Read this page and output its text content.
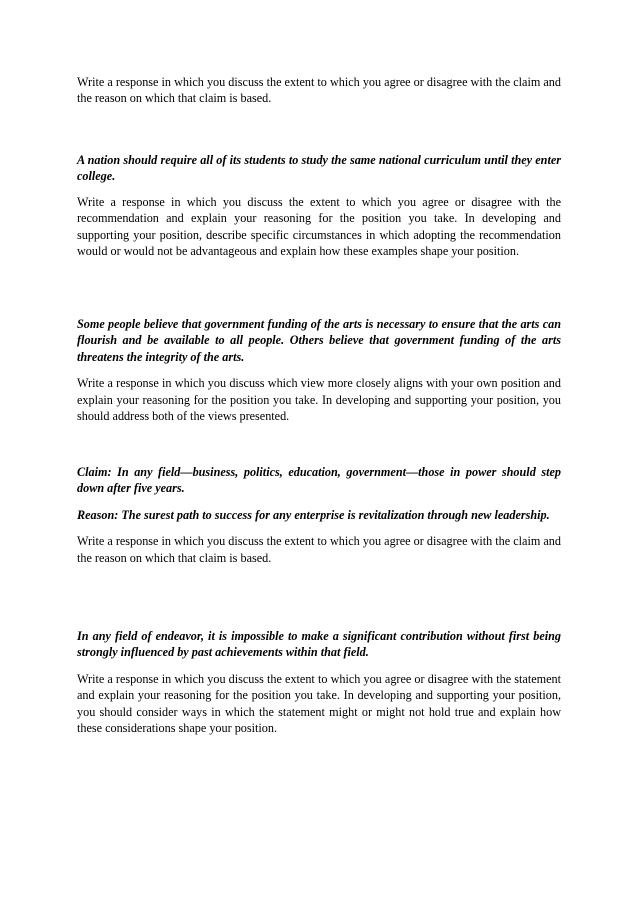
Write a response in which you discuss the extent to which you agree or disagree with the claim and the reason on which that claim is based.

A nation should require all of its students to study the same national curriculum until they enter college.

Write a response in which you discuss the extent to which you agree or disagree with the recommendation and explain your reasoning for the position you take. In developing and supporting your position, describe specific circumstances in which adopting the recommendation would or would not be advantageous and explain how these examples shape your position.

Some people believe that government funding of the arts is necessary to ensure that the arts can flourish and be available to all people. Others believe that government funding of the arts threatens the integrity of the arts.

Write a response in which you discuss which view more closely aligns with your own position and explain your reasoning for the position you take. In developing and supporting your position, you should address both of the views presented.

Claim: In any field—business, politics, education, government—those in power should step down after five years.

Reason: The surest path to success for any enterprise is revitalization through new leadership.

Write a response in which you discuss the extent to which you agree or disagree with the claim and the reason on which that claim is based.

In any field of endeavor, it is impossible to make a significant contribution without first being strongly influenced by past achievements within that field.

Write a response in which you discuss the extent to which you agree or disagree with the statement and explain your reasoning for the position you take. In developing and supporting your position, you should consider ways in which the statement might or might not hold true and explain how these considerations shape your position.
